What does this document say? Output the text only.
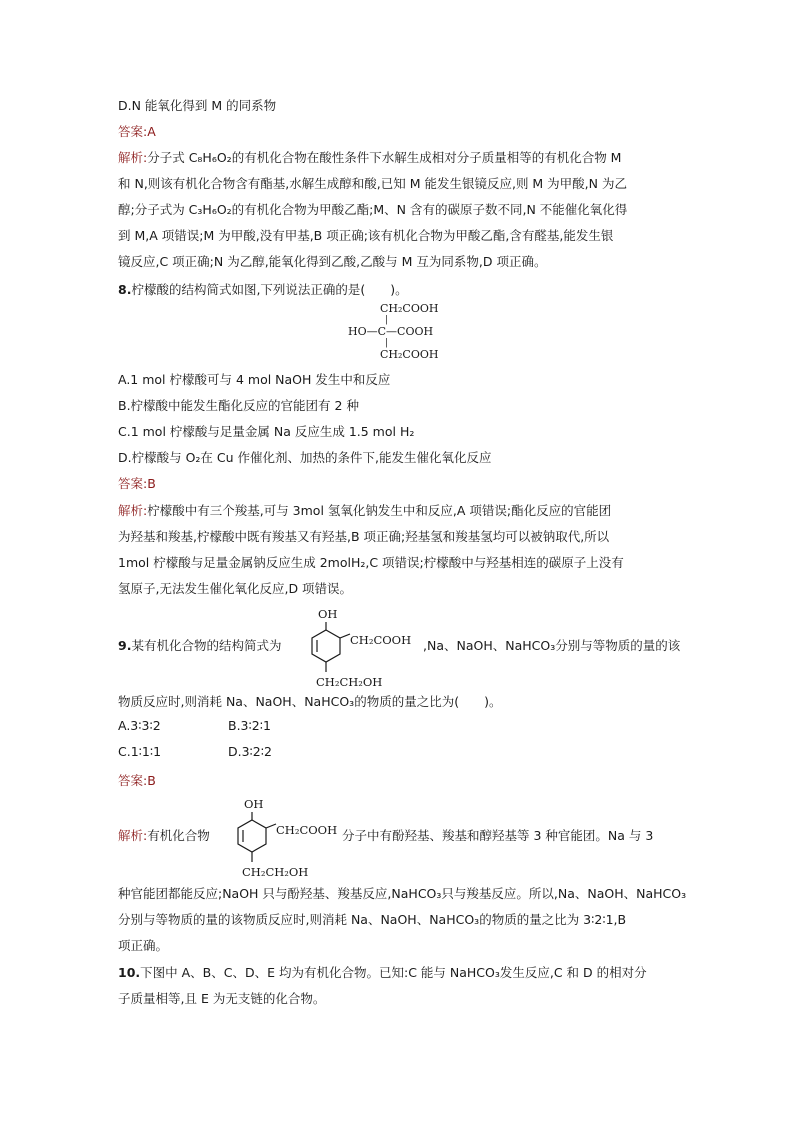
D.N 能氧化得到 M 的同系物
答案:A
解析:分子式 C₈H₆O₂的有机化合物在酸性条件下水解生成相对分子质量相等的有机化合物 M
和 N,则该有机化合物含有酯基,水解生成醇和酸,已知 M 能发生银镜反应,则 M 为甲酸,N 为乙
醇;分子式为 C₃H₆O₂的有机化合物为甲酸乙酯;M、N 含有的碳原子数不同,N 不能催化氧化得
到 M,A 项错误;M 为甲酸,没有甲基,B 项正确;该有机化合物为甲酸乙酯,含有醛基,能发生银
镜反应,C 项正确;N 为乙醇,能氧化得到乙酸,乙酸与 M 互为同系物,D 项正确。
8.柠檬酸的结构简式如图,下列说法正确的是(　　)。
CH₂COOH
|
HO—C—COOH
|
CH₂COOH
A.1 mol 柠檬酸可与 4 mol NaOH 发生中和反应
B.柠檬酸中能发生酯化反应的官能团有 2 种
C.1 mol 柠檬酸与足量金属 Na 反应生成 1.5 mol H₂
D.柠檬酸与 O₂在 Cu 作催化剂、加热的条件下,能发生催化氧化反应
答案:B
解析:柠檬酸中有三个羧基,可与 3mol 氢氧化钠发生中和反应,A 项错误;酯化反应的官能团
为羟基和羧基,柠檬酸中既有羧基又有羟基,B 项正确;羟基氢和羧基氢均可以被钠取代,所以
1mol 柠檬酸与足量金属钠反应生成 2molH₂,C 项错误;柠檬酸中与羟基相连的碳原子上没有
氢原子,无法发生催化氧化反应,D 项错误。
9.某有机化合物的结构简式为
OH
CH₂COOH
CH₂CH₂OH
,Na、NaOH、NaHCO₃分别与等物质的量的该
物质反应时,则消耗 Na、NaOH、NaHCO₃的物质的量之比为(　　)。
A.3∶3∶2	B.3∶2∶1
C.1∶1∶1	D.3∶2∶2
答案:B
解析:有机化合物
OH
CH₂COOH
CH₂CH₂OH
分子中有酚羟基、羧基和醇羟基等 3 种官能团。Na 与 3
种官能团都能反应;NaOH 只与酚羟基、羧基反应,NaHCO₃只与羧基反应。所以,Na、NaOH、NaHCO₃
分别与等物质的量的该物质反应时,则消耗 Na、NaOH、NaHCO₃的物质的量之比为 3∶2∶1,B
项正确。
10.下图中 A、B、C、D、E 均为有机化合物。已知:C 能与 NaHCO₃发生反应,C 和 D 的相对分
子质量相等,且 E 为无支链的化合物。
